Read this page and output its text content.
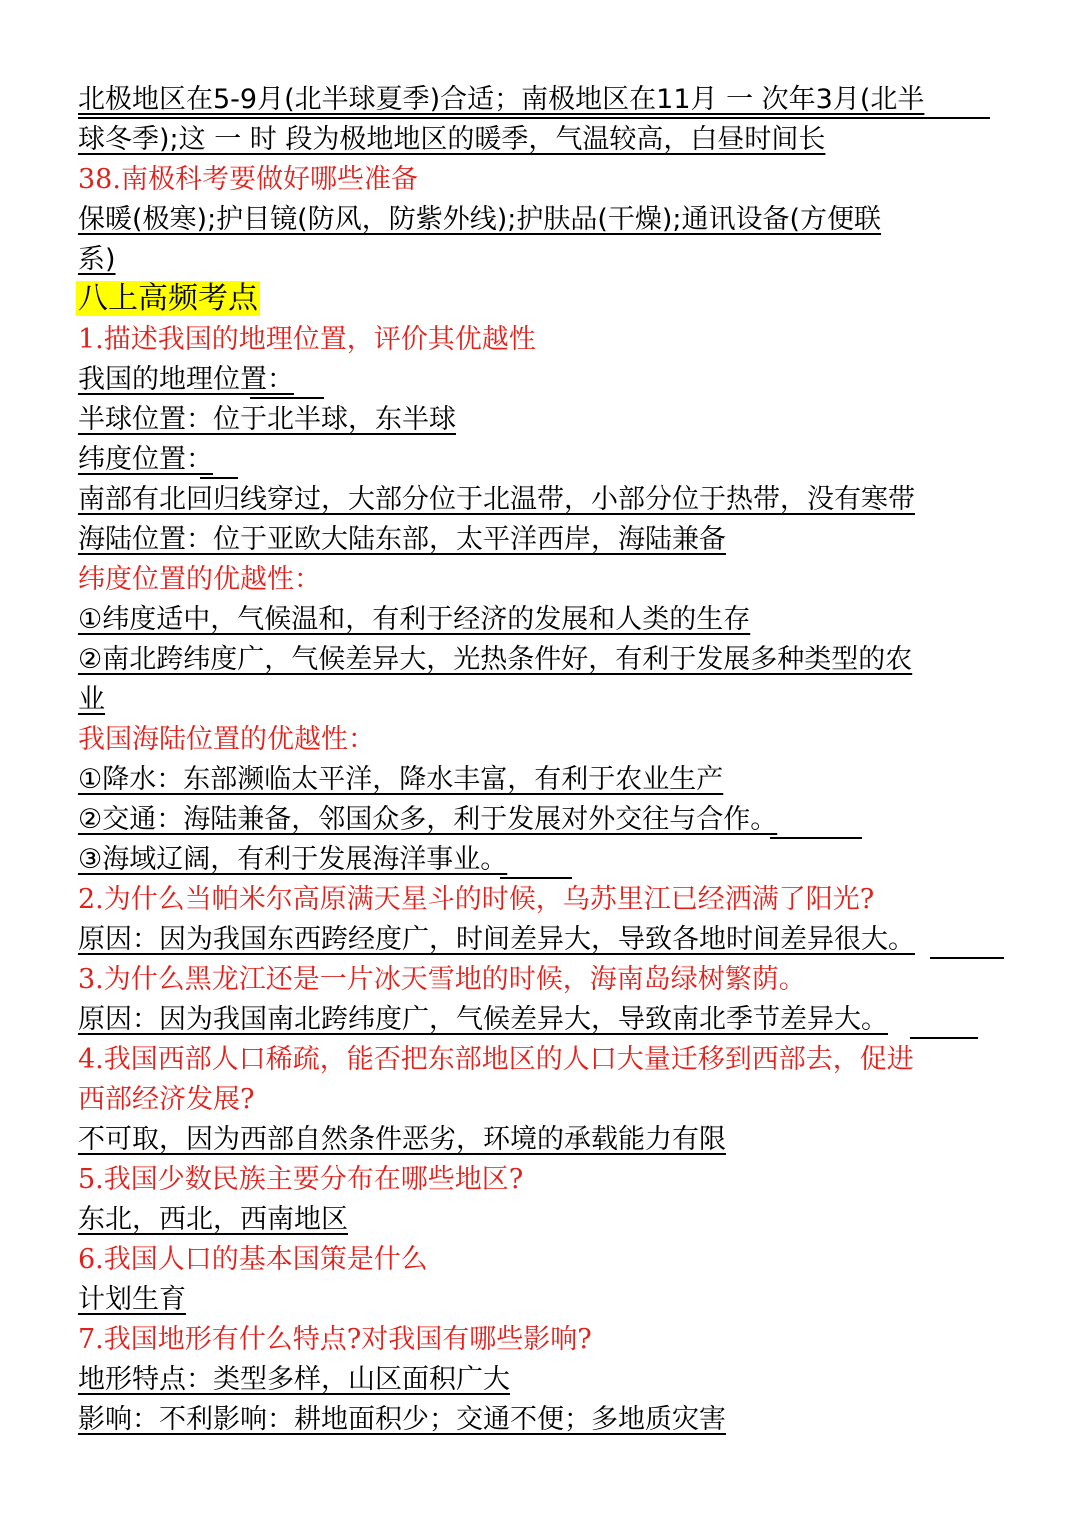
北极地区在5-9月(北半球夏季)合适；南极地区在11月 一 次年3月(北半

球冬季);这 一 时 段为极地地区的暖季，气温较高，白昼时间长

38.南极科考要做好哪些准备

保暖(极寒);护目镜(防风，防紫外线);护肤品(干燥);通讯设备(方便联

系)

八上高频考点

1.描述我国的地理位置，评价其优越性

我国的地理位置：

半球位置：位于北半球，东半球

纬度位置：

南部有北回归线穿过，大部分位于北温带，小部分位于热带，没有寒带

海陆位置：位于亚欧大陆东部，太平洋西岸，海陆兼备

纬度位置的优越性：

①纬度适中，气候温和，有利于经济的发展和人类的生存

②南北跨纬度广，气候差异大，光热条件好，有利于发展多种类型的农

业

我国海陆位置的优越性：

①降水：东部濒临太平洋，降水丰富，有利于农业生产

②交通：海陆兼备，邻国众多，利于发展对外交往与合作。

③海域辽阔，有利于发展海洋事业。

2.为什么当帕米尔高原满天星斗的时候，乌苏里江已经洒满了阳光?

原因：因为我国东西跨经度广，时间差异大，导致各地时间差异很大。

3.为什么黑龙江还是一片冰天雪地的时候，海南岛绿树繁荫。

原因：因为我国南北跨纬度广，气候差异大，导致南北季节差异大。

4.我国西部人口稀疏，能否把东部地区的人口大量迁移到西部去，促进

西部经济发展?

不可取，因为西部自然条件恶劣，环境的承载能力有限

5.我国少数民族主要分布在哪些地区?

东北，西北，西南地区

6.我国人口的基本国策是什么

计划生育

7.我国地形有什么特点?对我国有哪些影响?

地形特点：类型多样，山区面积广大

影响：不利影响：耕地面积少；交通不便；多地质灾害
